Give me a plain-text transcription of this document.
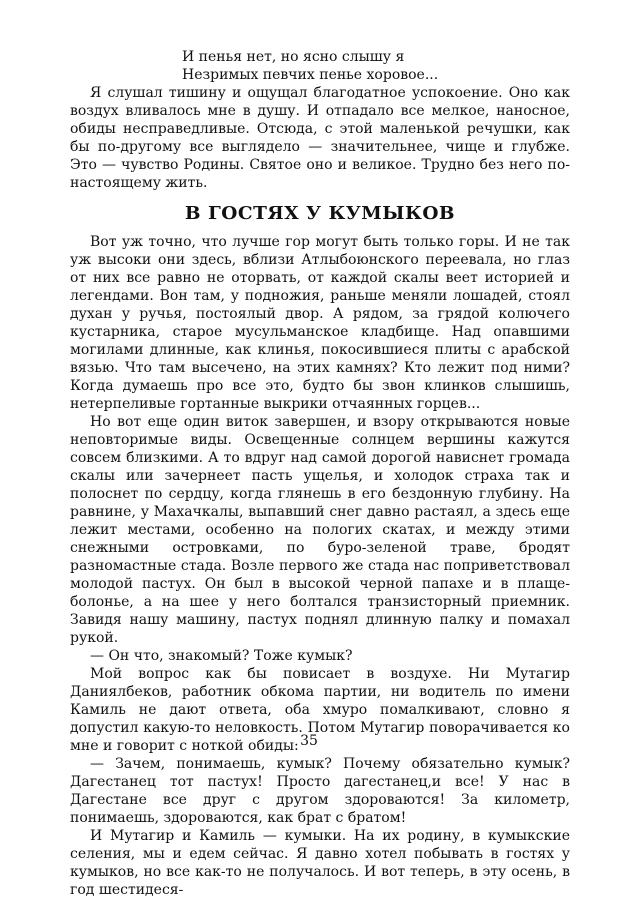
И пенья нет, но ясно слышу я
Незримых певчих пенье хоровое...

Я слушал тишину и ощущал благодатное успокоение. Оно как воздух вливалось мне в душу. И отпадало все мелкое, наносное, обиды несправедливые. Отсюда, с этой маленькой речушки, как бы по-другому все выглядело — значительнее, чище и глубже. Это — чувство Родины. Святое оно и великое. Трудно без него по-настоящему жить.

В ГОСТЯХ У КУМЫКОВ

Вот уж точно, что лучше гор могут быть только горы. И не так уж высоки они здесь, вблизи Атлыбоюнского переевала, но глаз от них все равно не оторвать, от каждой скалы веет историей и легендами. Вон там, у подножия, раньше меняли лошадей, стоял духан у ручья, постоялый двор. А рядом, за грядой колючего кустарника, старое мусульманское кладбище. Над опавшими могилами длинные, как клинья, покосившиеся плиты с арабской вязью. Что там высечено, на этих камнях? Кто лежит под ними? Когда думаешь про все это, будто бы звон клинков слышишь, нетерпеливые гортанные выкрики отчаянных горцев...

Но вот еще один виток завершен, и взору открываются новые неповторимые виды. Освещенные солнцем вершины кажутся совсем близкими. А то вдруг над самой дорогой нависнет громада скалы или зачернеет пасть ущелья, и холодок страха так и полоснет по сердцу, когда глянешь в его бездонную глубину. На равнине, у Махачкалы, выпавший снег давно растаял, а здесь еще лежит местами, особенно на пологих скатах, и между этими снежными островками, по буро-зеленой траве, бродят разномастные стада. Возле первого же стада нас поприветствовал молодой пастух. Он был в высокой черной папахе и в плаще-болонье, а на шее у него болтался транзисторный приемник. Завидя нашу машину, пастух поднял длинную палку и помахал рукой.

— Он что, знакомый? Тоже кумык?

Мой вопрос как бы повисает в воздухе. Ни Мутагир Даниялбеков, работник обкома партии, ни водитель по имени Камиль не дают ответа, оба хмуро помалкивают, словно я допустил какую-то неловкость. Потом Мутагир поворачивается ко мне и говорит с ноткой обиды:

— Зачем, понимаешь, кумык? Почему обязательно кумык? Дагестанец тот пастух! Просто дагестанец,и все! У нас в Дагестане все друг с другом здороваются! За километр, понимаешь, здороваются, как брат с братом!

И Мутагир и Камиль — кумыки. На их родину, в кумыкские селения, мы и едем сейчас. Я давно хотел побывать в гостях у кумыков, но все как-то не получалось. И вот теперь, в эту осень, в год шестидеся-

35
